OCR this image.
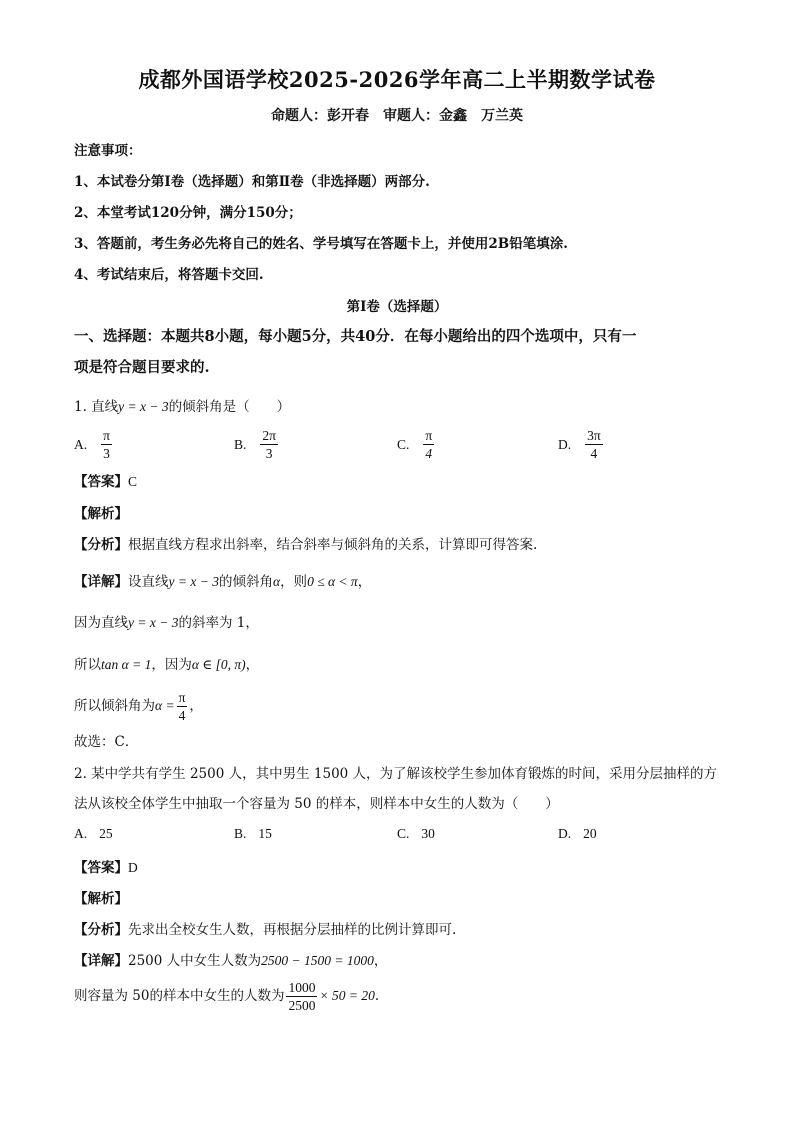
成都外国语学校2025-2026学年高二上半期数学试卷
命题人：彭开春　审题人：金鑫　万兰英
注意事项：
1、本试卷分第Ⅰ卷（选择题）和第Ⅱ卷（非选择题）两部分.
2、本堂考试120分钟，满分150分；
3、答题前，考生务必先将自己的姓名、学号填写在答题卡上，并使用2B铅笔填涂.
4、考试结束后，将答题卡交回.
第Ⅰ卷（选择题）
一、选择题：本题共8小题，每小题5分，共40分．在每小题给出的四个选项中，只有一
项是符合题目要求的.
1. 直线y = x − 3的倾斜角是（　　）
A. $\frac{\pi}{3}$	B. $\frac{2\pi}{3}$	C. $\frac{\pi}{4}$	D. $\frac{3\pi}{4}$
【答案】C
【解析】
【分析】根据直线方程求出斜率，结合斜率与倾斜角的关系，计算即可得答案.
【详解】设直线y = x − 3的倾斜角α，则0 ≤ α < π，
因为直线y = x − 3的斜率为 1，
所以tan α = 1，因为α ∈ [0, π)，
所以倾斜角为 $\alpha = \frac{\pi}{4}$ ，
故选：C．
2. 某中学共有学生 2500 人，其中男生 1500 人，为了解该校学生参加体育锻炼的时间，采用分层抽样的方
法从该校全体学生中抽取一个容量为 50 的样本，则样本中女生的人数为（　　）
A. 25	B. 15	C. 30	D. 20
【答案】D
【解析】
【分析】先求出全校女生人数，再根据分层抽样的比例计算即可.
【详解】2500 人中女生人数为2500 − 1500 = 1000，
则容量为 50的样本中女生的人数为 $\frac{1000}{2500} \times 50 = 20$ .
